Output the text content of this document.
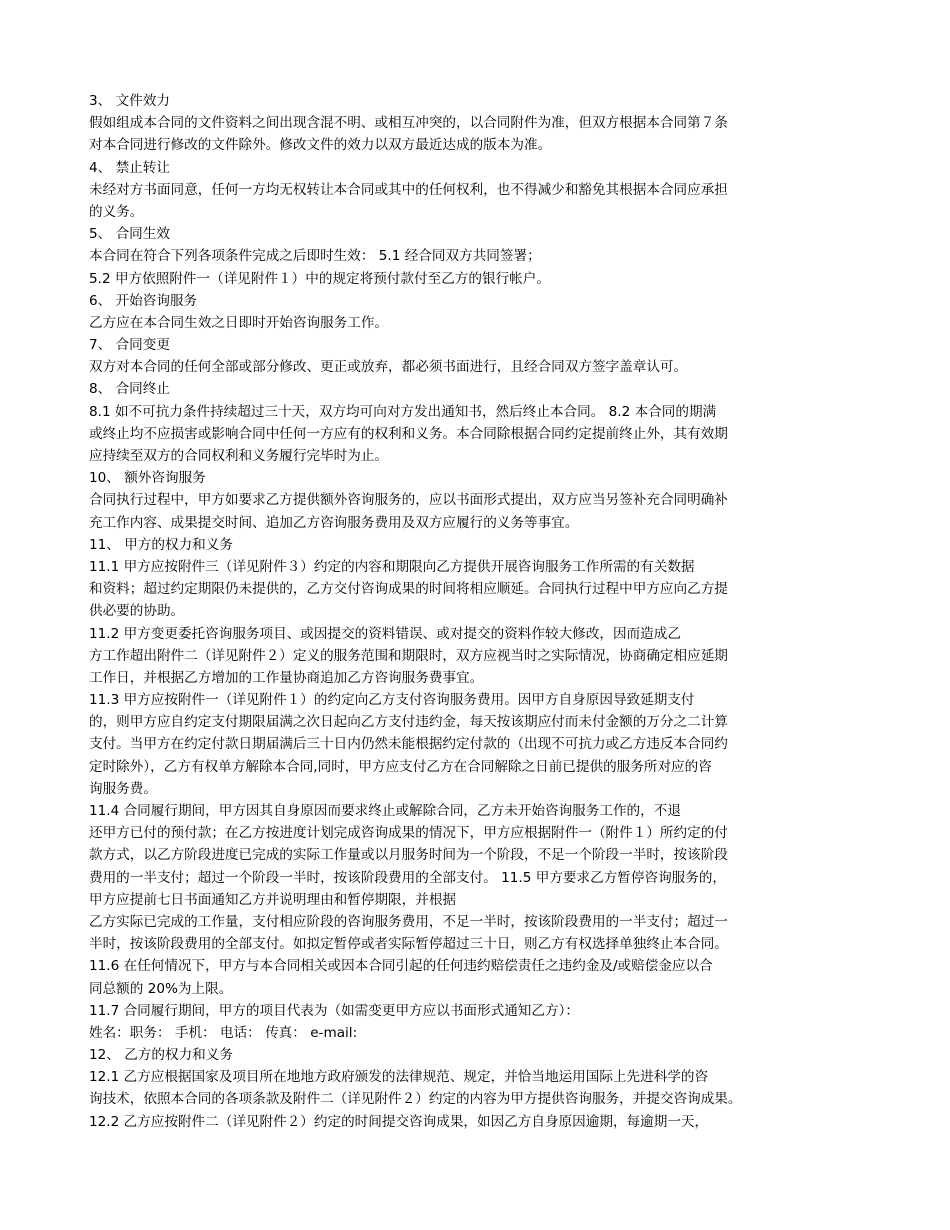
3、 文件效力
假如组成本合同的文件资料之间出现含混不明、或相互冲突的，以合同附件为准，但双方根据本合同第７条
对本合同进行修改的文件除外。修改文件的效力以双方最近达成的版本为准。
4、 禁止转让
未经对方书面同意，任何一方均无权转让本合同或其中的任何权利，也不得减少和豁免其根据本合同应承担
的义务。
5、 合同生效
本合同在符合下列各项条件完成之后即时生效： 5.1 经合同双方共同签署；
5.2 甲方依照附件一（详见附件１）中的规定将预付款付至乙方的银行帐户。
6、 开始咨询服务
乙方应在本合同生效之日即时开始咨询服务工作。
7、 合同变更
双方对本合同的任何全部或部分修改、更正或放弃，都必须书面进行，且经合同双方签字盖章认可。
8、 合同终止
8.1 如不可抗力条件持续超过三十天，双方均可向对方发出通知书，然后终止本合同。 8.2 本合同的期满
或终止均不应损害或影响合同中任何一方应有的权利和义务。本合同除根据合同约定提前终止外，其有效期
应持续至双方的合同权利和义务履行完毕时为止。
10、 额外咨询服务
合同执行过程中，甲方如要求乙方提供额外咨询服务的，应以书面形式提出，双方应当另签补充合同明确补
充工作内容、成果提交时间、追加乙方咨询服务费用及双方应履行的义务等事宜。
11、 甲方的权力和义务
11.1 甲方应按附件三（详见附件３）约定的内容和期限向乙方提供开展咨询服务工作所需的有关数据
和资料；超过约定期限仍未提供的，乙方交付咨询成果的时间将相应顺延。合同执行过程中甲方应向乙方提
供必要的协助。
11.2 甲方变更委托咨询服务项目、或因提交的资料错误、或对提交的资料作较大修改，因而造成乙
方工作超出附件二（详见附件２）定义的服务范围和期限时，双方应视当时之实际情况，协商确定相应延期
工作日，并根据乙方增加的工作量协商追加乙方咨询服务费事宜。
11.3 甲方应按附件一（详见附件１）的约定向乙方支付咨询服务费用。因甲方自身原因导致延期支付
的，则甲方应自约定支付期限届满之次日起向乙方支付违约金，每天按该期应付而未付金额的万分之二计算
支付。当甲方在约定付款日期届满后三十日内仍然未能根据约定付款的（出现不可抗力或乙方违反本合同约
定时除外），乙方有权单方解除本合同,同时，甲方应支付乙方在合同解除之日前已提供的服务所对应的咨
询服务费。
11.4 合同履行期间，甲方因其自身原因而要求终止或解除合同，乙方未开始咨询服务工作的，不退
还甲方已付的预付款；在乙方按进度计划完成咨询成果的情况下，甲方应根据附件一（附件１）所约定的付
款方式，以乙方阶段进度已完成的实际工作量或以月服务时间为一个阶段，不足一个阶段一半时，按该阶段
费用的一半支付；超过一个阶段一半时，按该阶段费用的全部支付。 11.5 甲方要求乙方暂停咨询服务的，
甲方应提前七日书面通知乙方并说明理由和暂停期限，并根据
乙方实际已完成的工作量，支付相应阶段的咨询服务费用，不足一半时，按该阶段费用的一半支付；超过一
半时，按该阶段费用的全部支付。如拟定暂停或者实际暂停超过三十日，则乙方有权选择单独终止本合同。
11.6 在任何情况下，甲方与本合同相关或因本合同引起的任何违约赔偿责任之违约金及/或赔偿金应以合
同总额的 20%为上限。
11.7 合同履行期间，甲方的项目代表为（如需变更甲方应以书面形式通知乙方）：
姓名：职务： 手机： 电话： 传真： e-mail:
12、 乙方的权力和义务
12.1 乙方应根据国家及项目所在地地方政府颁发的法律规范、规定，并恰当地运用国际上先进科学的咨
询技术，依照本合同的各项条款及附件二（详见附件２）约定的内容为甲方提供咨询服务，并提交咨询成果。
12.2 乙方应按附件二（详见附件２）约定的时间提交咨询成果，如因乙方自身原因逾期，每逾期一天，
